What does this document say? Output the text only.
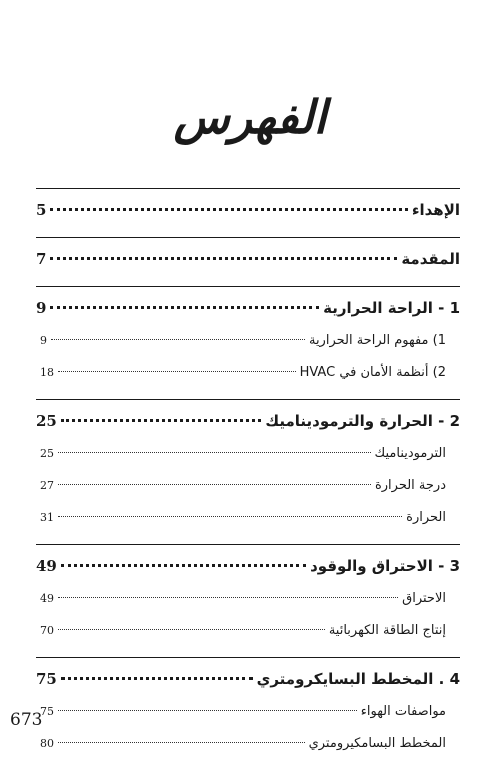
الفهرس
5	الإهداء
7	المقدمة
9	1 - الراحة الحرارية
9	1) مفهوم الراحة الحرارية
18	2) أنظمة الأمان في HVAC
25	2 - الحرارة والترموديناميك
25	الترموديناميك
27	درجة الحرارة
31	الحرارة
49	3 - الاحتراق والوقود
49	الاحتراق
70	إنتاج الطاقة الكهربائية
75	4 . المخطط البسايكرومتري
75	مواصفات الهواء
80	المخطط البسامكيرومتري
673
